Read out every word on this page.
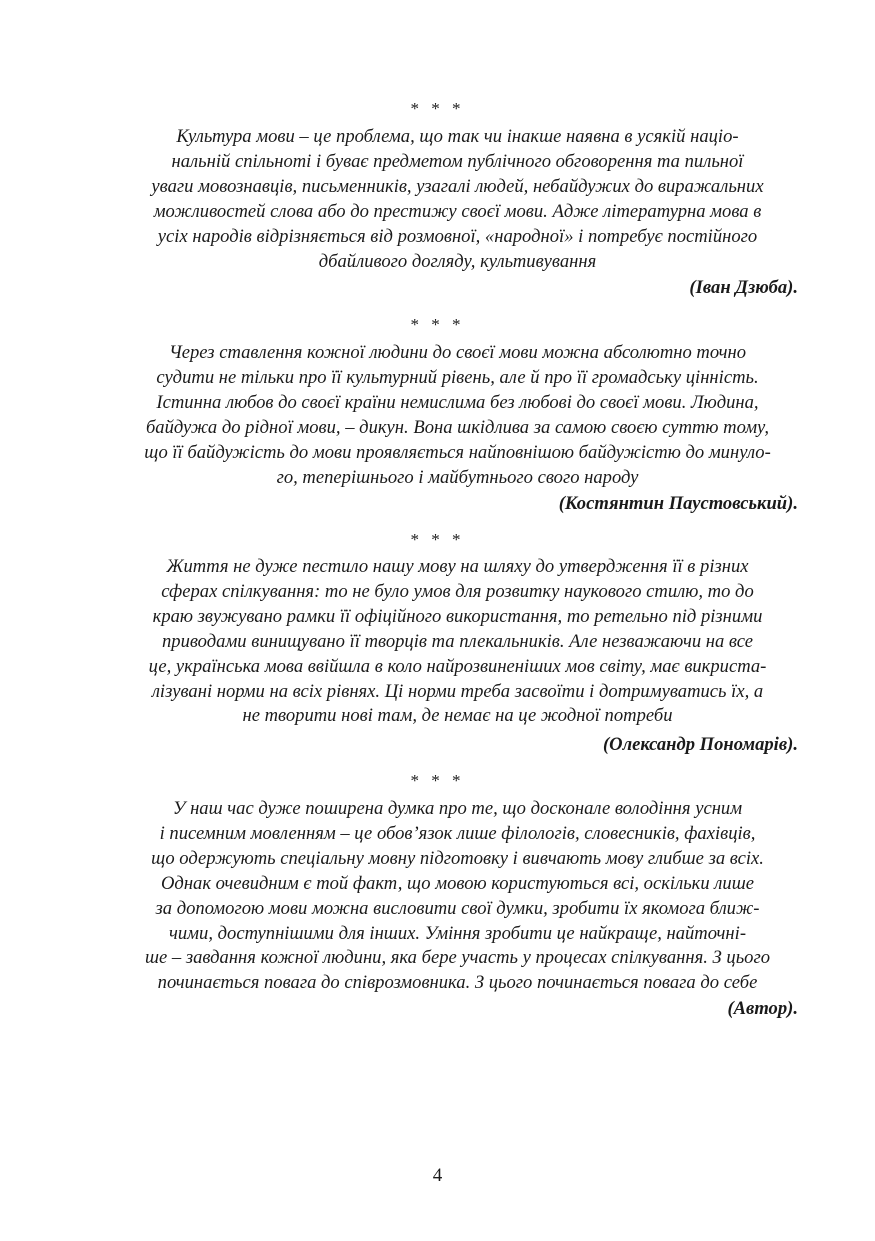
* * *
Культура мови – це проблема, що так чи інакше наявна в усякій націо-
нальній спільноті і буває предметом публічного обговорення та пильної
уваги мовознавців, письменників, узагалі людей, небайдужих до виражальних
можливостей слова або до престижу своєї мови. Адже літературна мова в
усіх народів відрізняється від розмовної, «народної» і потребує постійного
дбайливого догляду, культивування
(Іван Дзюба).
* * *
Через ставлення кожної людини до своєї мови можна абсолютно точно
судити не тільки про її культурний рівень, але й про її громадську цінність.
Істинна любов до своєї країни немислима без любові до своєї мови. Людина,
байдужа до рідної мови, – дикун. Вона шкідлива за самою своєю суттю тому,
що її байдужість до мови проявляється найповнішою байдужістю до минуло-
го, теперішнього і майбутнього свого народу
(Костянтин Паустовський).
* * *
Життя не дуже пестило нашу мову на шляху до утвердження її в різних
сферах спілкування: то не було умов для розвитку наукового стилю, то до
краю звужувано рамки її офіційного використання, то ретельно під різними
приводами винищувано її творців та плекальників. Але незважаючи на все
це, українська мова ввійшла в коло найрозвиненіших мов світу, має викриста-
лізувані норми на всіх рівнях. Ці норми треба засвоїти і дотримуватись їх, а
не творити нові там, де немає на це жодної потреби
(Олександр Пономарів).
* * *
У наш час дуже поширена думка про те, що досконале володіння усним
і писемним мовленням – це обов’язок лише філологів, словесників, фахівців,
що одержують спеціальну мовну підготовку і вивчають мову глибше за всіх.
Однак очевидним є той факт, що мовою користуються всі, оскільки лише
за допомогою мови можна висловити свої думки, зробити їх якомога ближ-
чими, доступнішими для інших. Уміння зробити це найкраще, найточні-
ше – завдання кожної людини, яка бере участь у процесах спілкування. З цього
починається повага до співрозмовника. З цього починається повага до себе
(Автор).
4
